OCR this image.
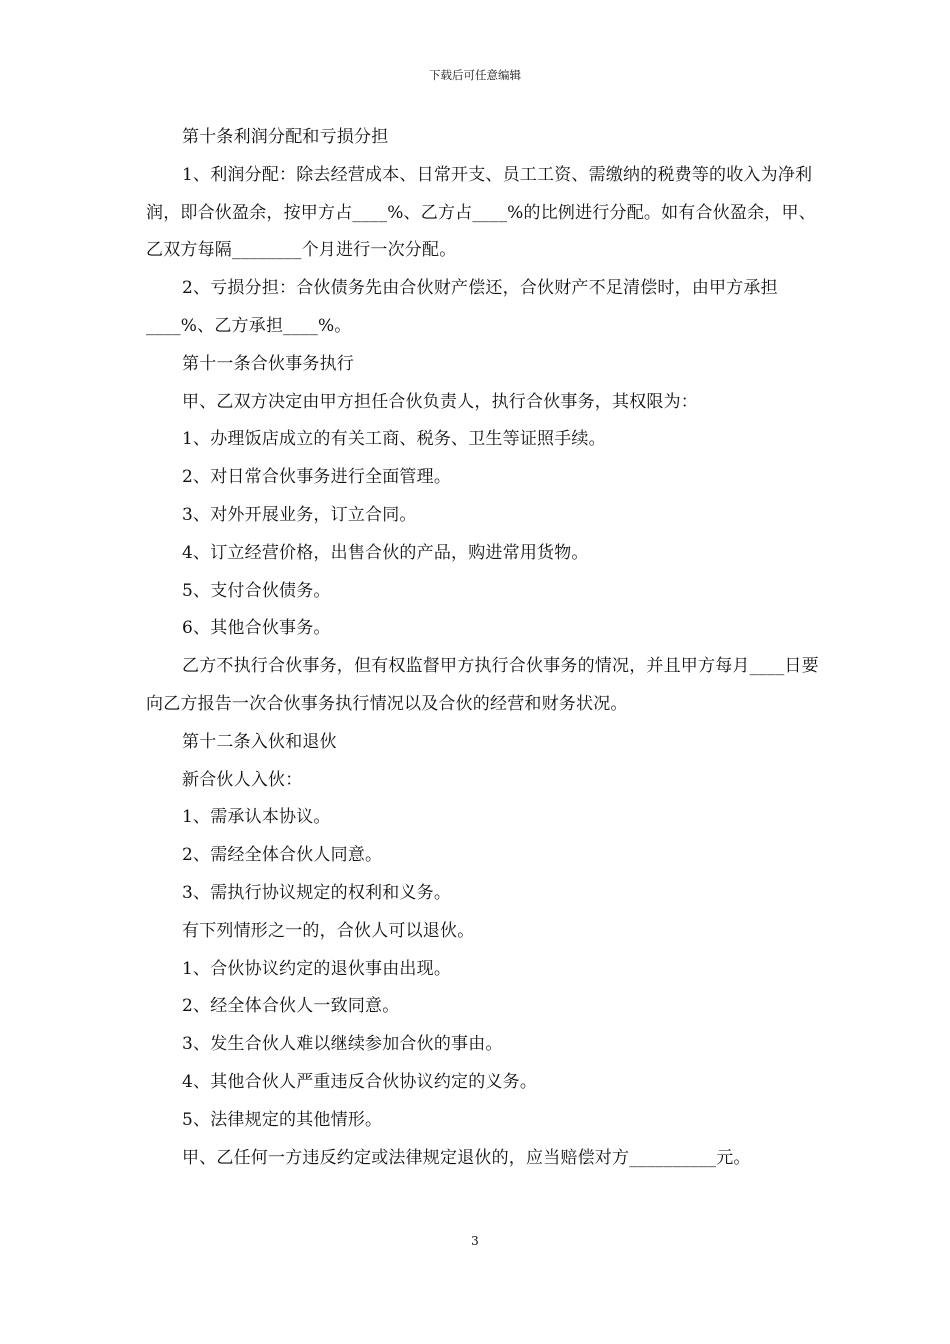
下载后可任意编辑

第十条利润分配和亏损分担

1、利润分配：除去经营成本、日常开支、员工工资、需缴纳的税费等的收入为净利润，即合伙盈余，按甲方占____%、乙方占____%的比例进行分配。如有合伙盈余，甲、乙双方每隔________个月进行一次分配。

2、亏损分担：合伙债务先由合伙财产偿还，合伙财产不足清偿时，由甲方承担____%、乙方承担____%。

第十一条合伙事务执行

甲、乙双方决定由甲方担任合伙负责人，执行合伙事务，其权限为：

1、办理饭店成立的有关工商、税务、卫生等证照手续。

2、对日常合伙事务进行全面管理。

3、对外开展业务，订立合同。

4、订立经营价格，出售合伙的产品，购进常用货物。

5、支付合伙债务。

6、其他合伙事务。

乙方不执行合伙事务，但有权监督甲方执行合伙事务的情况，并且甲方每月____日要向乙方报告一次合伙事务执行情况以及合伙的经营和财务状况。

第十二条入伙和退伙

新合伙人入伙：

1、需承认本协议。

2、需经全体合伙人同意。

3、需执行协议规定的权利和义务。

有下列情形之一的，合伙人可以退伙。

1、合伙协议约定的退伙事由出现。

2、经全体合伙人一致同意。

3、发生合伙人难以继续参加合伙的事由。

4、其他合伙人严重违反合伙协议约定的义务。

5、法律规定的其他情形。

甲、乙任何一方违反约定或法律规定退伙的，应当赔偿对方__________元。

3
